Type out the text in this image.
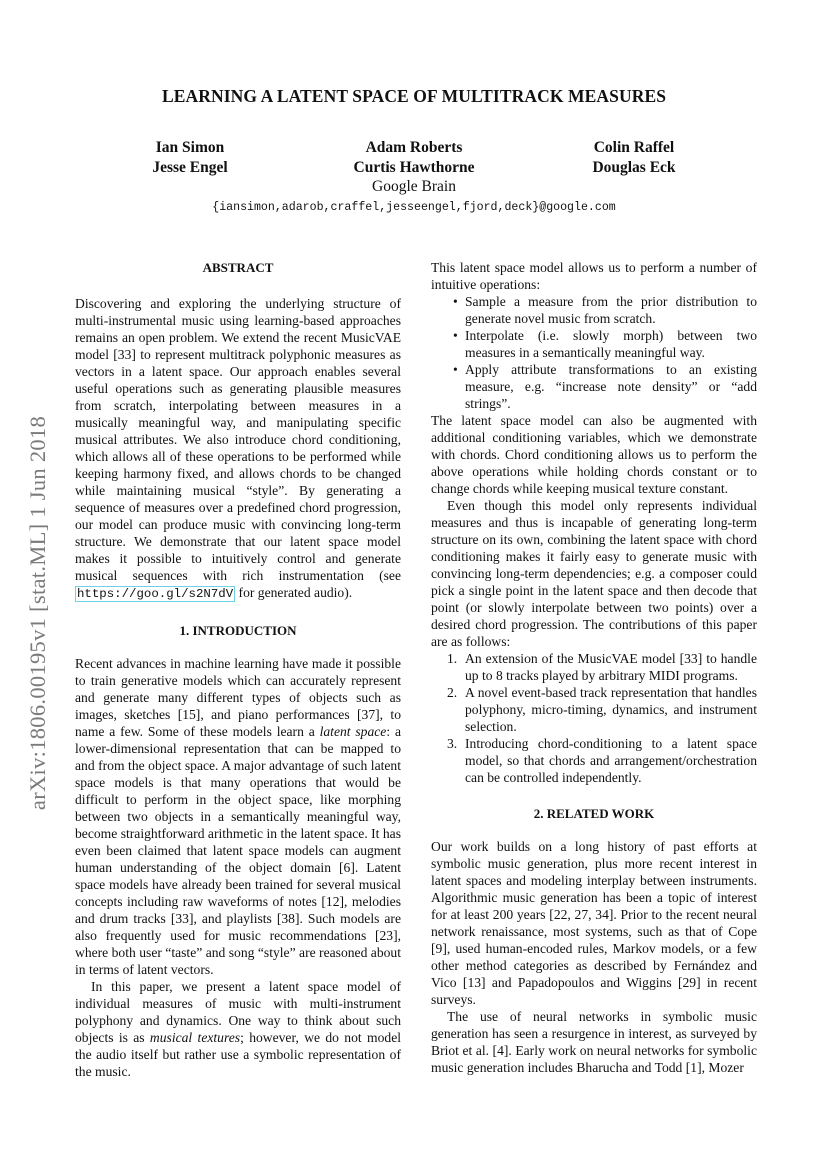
arXiv:1806.00195v1 [stat.ML] 1 Jun 2018
LEARNING A LATENT SPACE OF MULTITRACK MEASURES
Ian Simon
Jesse Engel
Adam Roberts
Curtis Hawthorne
Colin Raffel
Douglas Eck
Google Brain
{iansimon,adarob,craffel,jesseengel,fjord,deck}@google.com
ABSTRACT

Discovering and exploring the underlying structure of multi-instrumental music using learning-based approaches remains an open problem. We extend the recent MusicVAE model [33] to represent multitrack polyphonic measures as vectors in a latent space. Our approach enables several useful operations such as generating plausible measures from scratch, interpolating between measures in a musically meaningful way, and manipulating specific musical attributes. We also introduce chord conditioning, which allows all of these operations to be performed while keeping harmony fixed, and allows chords to be changed while maintaining musical “style”. By generating a sequence of measures over a predefined chord progression, our model can produce music with convincing long-term structure. We demonstrate that our latent space model makes it possible to intuitively control and generate musical sequences with rich instrumentation (see https://goo.gl/s2N7dV for generated audio).

1. INTRODUCTION

Recent advances in machine learning have made it possible to train generative models which can accurately represent and generate many different types of objects such as images, sketches [15], and piano performances [37], to name a few. Some of these models learn a latent space: a lower-dimensional representation that can be mapped to and from the object space. A major advantage of such latent space models is that many operations that would be difficult to perform in the object space, like morphing between two objects in a semantically meaningful way, become straightforward arithmetic in the latent space. It has even been claimed that latent space models can augment human understanding of the object domain [6]. Latent space models have already been trained for several musical concepts including raw waveforms of notes [12], melodies and drum tracks [33], and playlists [38]. Such models are also frequently used for music recommendations [23], where both user “taste” and song “style” are reasoned about in terms of latent vectors.

In this paper, we present a latent space model of individual measures of music with multi-instrument polyphony and dynamics. One way to think about such objects is as musical textures; however, we do not model the audio itself but rather use a symbolic representation of the music.

This latent space model allows us to perform a number of intuitive operations:

• Sample a measure from the prior distribution to generate novel music from scratch.
• Interpolate (i.e. slowly morph) between two measures in a semantically meaningful way.
• Apply attribute transformations to an existing measure, e.g. “increase note density” or “add strings”.

The latent space model can also be augmented with additional conditioning variables, which we demonstrate with chords. Chord conditioning allows us to perform the above operations while holding chords constant or to change chords while keeping musical texture constant.

Even though this model only represents individual measures and thus is incapable of generating long-term structure on its own, combining the latent space with chord conditioning makes it fairly easy to generate music with convincing long-term dependencies; e.g. a composer could pick a single point in the latent space and then decode that point (or slowly interpolate between two points) over a desired chord progression. The contributions of this paper are as follows:

1. An extension of the MusicVAE model [33] to handle up to 8 tracks played by arbitrary MIDI programs.
2. A novel event-based track representation that handles polyphony, micro-timing, dynamics, and instrument selection.
3. Introducing chord-conditioning to a latent space model, so that chords and arrangement/orchestration can be controlled independently.
2. RELATED WORK

Our work builds on a long history of past efforts at symbolic music generation, plus more recent interest in latent spaces and modeling interplay between instruments. Algorithmic music generation has been a topic of interest for at least 200 years [22, 27, 34]. Prior to the recent neural network renaissance, most systems, such as that of Cope [9], used human-encoded rules, Markov models, or a few other method categories as described by Fernández and Vico [13] and Papadopoulos and Wiggins [29] in recent surveys.

The use of neural networks in symbolic music generation has seen a resurgence in interest, as surveyed by Briot et al. [4]. Early work on neural networks for symbolic music generation includes Bharucha and Todd [1], Mozer
